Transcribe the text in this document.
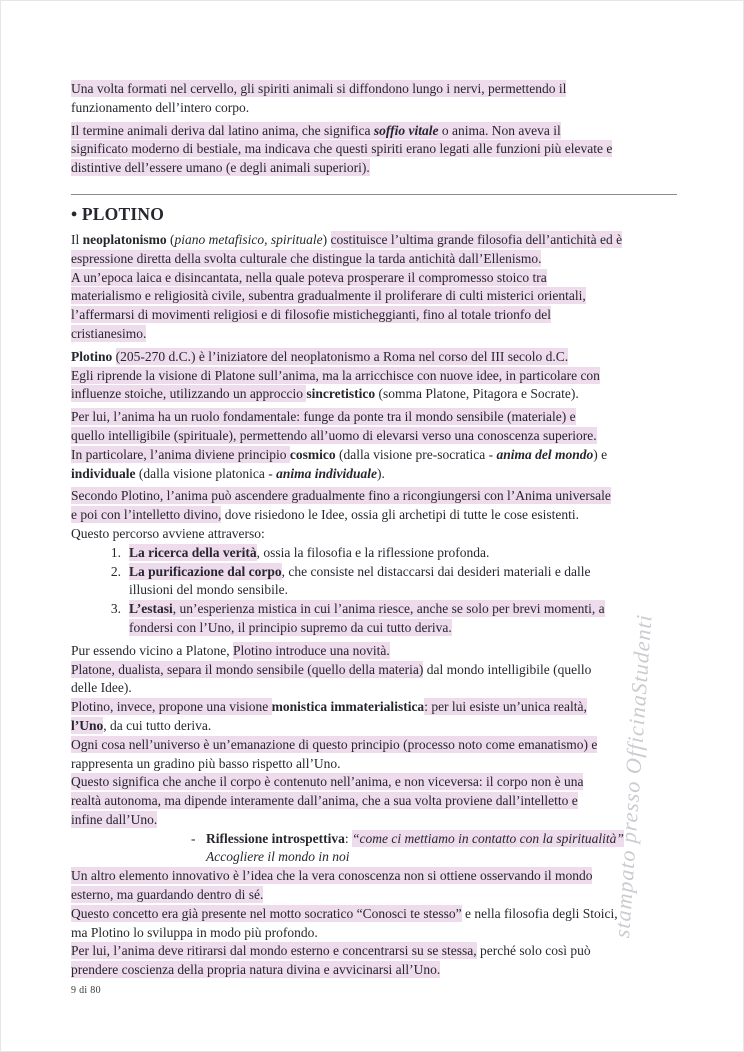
Una volta formati nel cervello, gli spiriti animali si diffondono lungo i nervi, permettendo il
funzionamento dell’intero corpo.
Il termine animali deriva dal latino anima, che significa soffio vitale o anima. Non aveva il
significato moderno di bestiale, ma indicava che questi spiriti erano legati alle funzioni più elevate e
distintive dell’essere umano (e degli animali superiori).
• PLOTINO
Il neoplatonismo (piano metafisico, spirituale) costituisce l’ultima grande filosofia dell’antichità ed è
espressione diretta della svolta culturale che distingue la tarda antichità dall’Ellenismo.
A un’epoca laica e disincantata, nella quale poteva prosperare il compromesso stoico tra
materialismo e religiosità civile, subentra gradualmente il proliferare di culti misterici orientali,
l’affermarsi di movimenti religiosi e di filosofie misticheggianti, fino al totale trionfo del
cristianesimo.
Plotino (205-270 d.C.) è l’iniziatore del neoplatonismo a Roma nel corso del III secolo d.C.
Egli riprende la visione di Platone sull’anima, ma la arricchisce con nuove idee, in particolare con
influenze stoiche, utilizzando un approccio sincretistico (somma Platone, Pitagora e Socrate).
Per lui, l’anima ha un ruolo fondamentale: funge da ponte tra il mondo sensibile (materiale) e
quello intelligibile (spirituale), permettendo all’uomo di elevarsi verso una conoscenza superiore.
In particolare, l’anima diviene principio cosmico (dalla visione pre-socratica - anima del mondo) e
individuale (dalla visione platonica - anima individuale).
Secondo Plotino, l’anima può ascendere gradualmente fino a ricongiungersi con l’Anima universale
e poi con l’intelletto divino, dove risiedono le Idee, ossia gli archetipi di tutte le cose esistenti.
Questo percorso avviene attraverso:
1. La ricerca della verità, ossia la filosofia e la riflessione profonda.
2. La purificazione dal corpo, che consiste nel distaccarsi dai desideri materiali e dalle
illusioni del mondo sensibile.
3. L’estasi, un’esperienza mistica in cui l’anima riesce, anche se solo per brevi momenti, a
fondersi con l’Uno, il principio supremo da cui tutto deriva.
Pur essendo vicino a Platone, Plotino introduce una novità.
Platone, dualista, separa il mondo sensibile (quello della materia) dal mondo intelligibile (quello
delle Idee).
Plotino, invece, propone una visione monistica immaterialistica: per lui esiste un’unica realtà,
l’Uno, da cui tutto deriva.
Ogni cosa nell’universo è un’emanazione di questo principio (processo noto come emanatismo) e
rappresenta un gradino più basso rispetto all’Uno.
Questo significa che anche il corpo è contenuto nell’anima, e non viceversa: il corpo non è una
realtà autonoma, ma dipende interamente dall’anima, che a sua volta proviene dall’intelletto e
infine dall’Uno.
- Riflessione introspettiva: “come ci mettiamo in contatto con la spiritualità”
Accogliere il mondo in noi
Un altro elemento innovativo è l’idea che la vera conoscenza non si ottiene osservando il mondo
esterno, ma guardando dentro di sé.
Questo concetto era già presente nel motto socratico “Conosci te stesso” e nella filosofia degli Stoici,
ma Plotino lo sviluppa in modo più profondo.
Per lui, l’anima deve ritirarsi dal mondo esterno e concentrarsi su se stessa, perché solo così può
prendere coscienza della propria natura divina e avvicinarsi all’Uno.
stampato presso OfficinaStudenti
9 di 80
